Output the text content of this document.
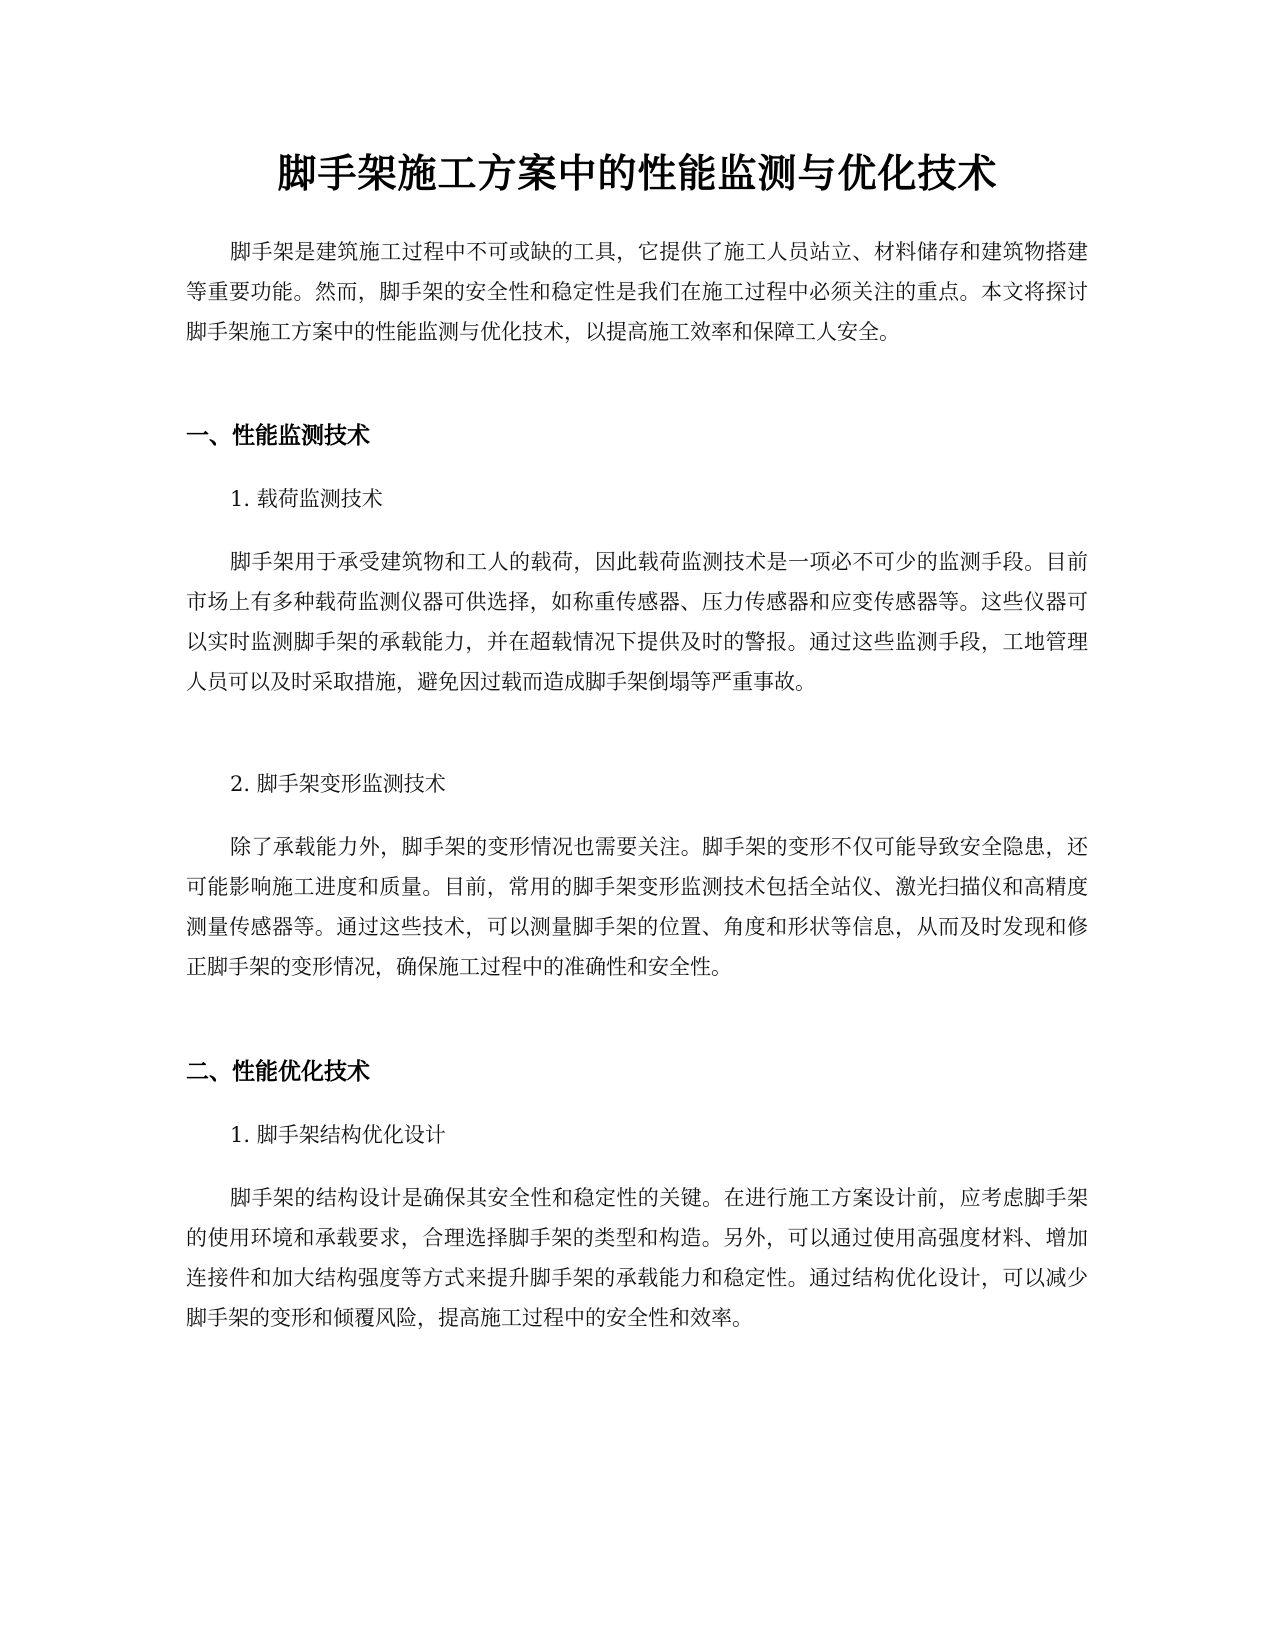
脚手架施工方案中的性能监测与优化技术

脚手架是建筑施工过程中不可或缺的工具，它提供了施工人员站立、材料储存和建筑物搭建等重要功能。然而，脚手架的安全性和稳定性是我们在施工过程中必须关注的重点。本文将探讨脚手架施工方案中的性能监测与优化技术，以提高施工效率和保障工人安全。

一、性能监测技术

1. 载荷监测技术

脚手架用于承受建筑物和工人的载荷，因此载荷监测技术是一项必不可少的监测手段。目前市场上有多种载荷监测仪器可供选择，如称重传感器、压力传感器和应变传感器等。这些仪器可以实时监测脚手架的承载能力，并在超载情况下提供及时的警报。通过这些监测手段，工地管理人员可以及时采取措施，避免因过载而造成脚手架倒塌等严重事故。

2. 脚手架变形监测技术

除了承载能力外，脚手架的变形情况也需要关注。脚手架的变形不仅可能导致安全隐患，还可能影响施工进度和质量。目前，常用的脚手架变形监测技术包括全站仪、激光扫描仪和高精度测量传感器等。通过这些技术，可以测量脚手架的位置、角度和形状等信息，从而及时发现和修正脚手架的变形情况，确保施工过程中的准确性和安全性。

二、性能优化技术

1. 脚手架结构优化设计

脚手架的结构设计是确保其安全性和稳定性的关键。在进行施工方案设计前，应考虑脚手架的使用环境和承载要求，合理选择脚手架的类型和构造。另外，可以通过使用高强度材料、增加连接件和加大结构强度等方式来提升脚手架的承载能力和稳定性。通过结构优化设计，可以减少脚手架的变形和倾覆风险，提高施工过程中的安全性和效率。
